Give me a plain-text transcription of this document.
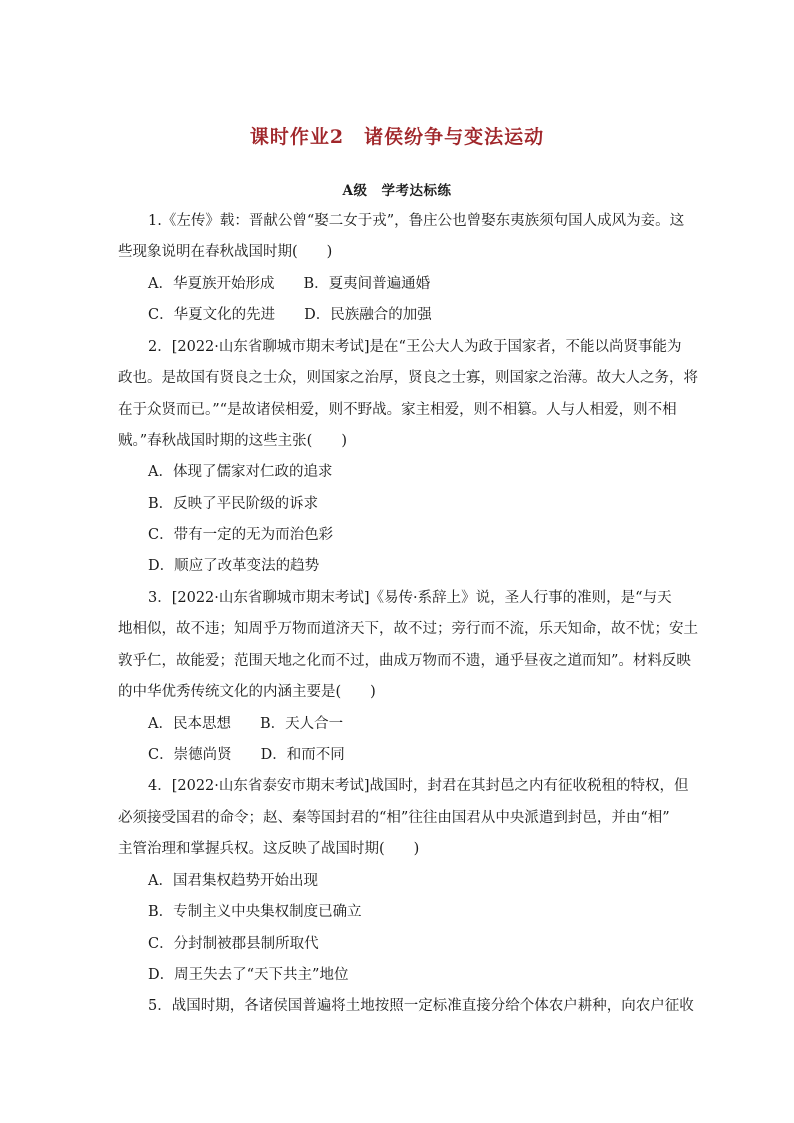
课时作业2　诸侯纷争与变法运动
A级　学考达标练
1.《左传》载：晋献公曾“娶二女于戎”，鲁庄公也曾娶东夷族须句国人成风为妾。这
些现象说明在春秋战国时期(　　)
A．华夏族开始形成　　B．夏夷间普遍通婚
C．华夏文化的先进　　D．民族融合的加强
2．[2022·山东省聊城市期末考试]是在“王公大人为政于国家者，不能以尚贤事能为
政也。是故国有贤良之士众，则国家之治厚，贤良之士寡，则国家之治薄。故大人之务，将
在于众贤而已。”“是故诸侯相爱，则不野战。家主相爱，则不相篡。人与人相爱，则不相
贼。”春秋战国时期的这些主张(　　)
A．体现了儒家对仁政的追求
B．反映了平民阶级的诉求
C．带有一定的无为而治色彩
D．顺应了改革变法的趋势
3．[2022·山东省聊城市期末考试]《易传·系辞上》说，圣人行事的准则，是“与天
地相似，故不违；知周乎万物而道济天下，故不过；旁行而不流，乐天知命，故不忧；安土
敦乎仁，故能爱；范围天地之化而不过，曲成万物而不遗，通乎昼夜之道而知”。材料反映
的中华优秀传统文化的内涵主要是(　　)
A．民本思想　　B．天人合一
C．崇德尚贤　　D．和而不同
4．[2022·山东省泰安市期末考试]战国时，封君在其封邑之内有征收税租的特权，但
必须接受国君的命令；赵、秦等国封君的“相”往往由国君从中央派遣到封邑，并由“相”
主管治理和掌握兵权。这反映了战国时期(　　)
A．国君集权趋势开始出现
B．专制主义中央集权制度已确立
C．分封制被郡县制所取代
D．周王失去了“天下共主”地位
5．战国时期，各诸侯国普遍将土地按照一定标准直接分给个体农户耕种，向农户征收
